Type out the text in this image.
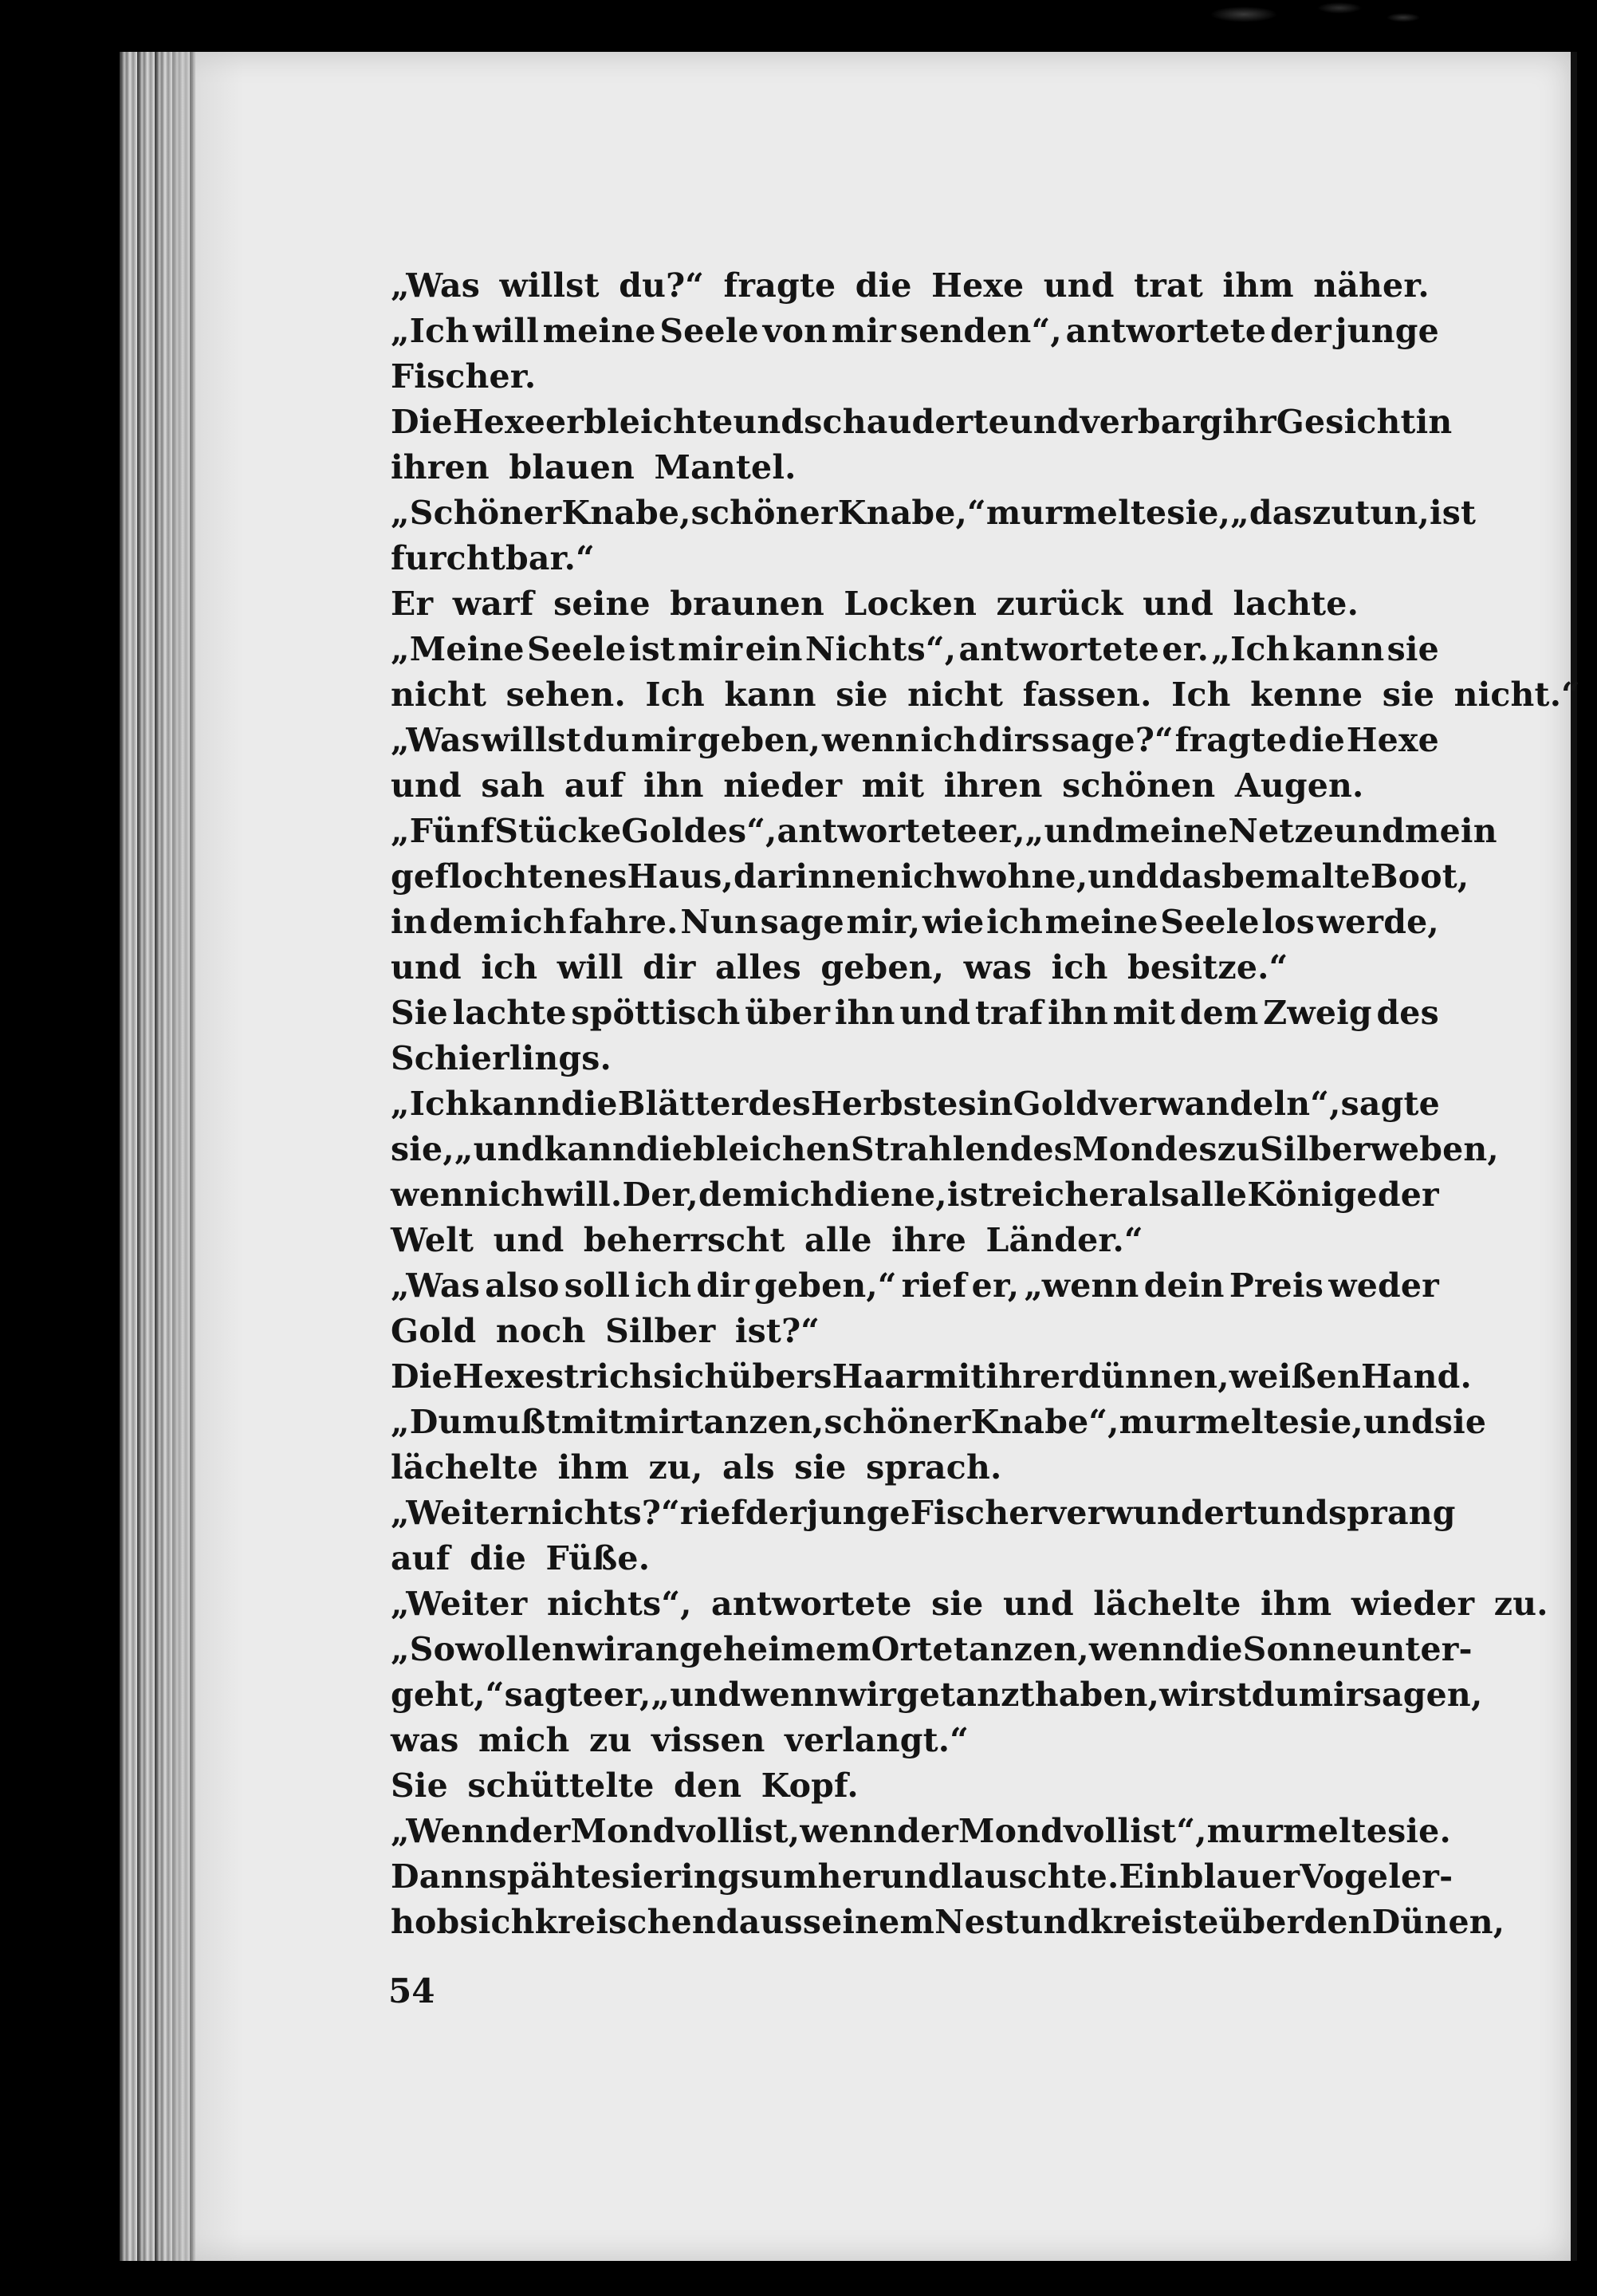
„Was willst du?“ fragte die Hexe und trat ihm näher.
„Ich will meine Seele von mir senden“, antwortete der junge
Fischer.
Die Hexe erbleichte und schauderte und verbarg ihr Gesicht in
ihren blauen Mantel.
„Schöner Knabe, schöner Knabe,“ murmelte sie, „das zu tun, ist
furchtbar.“
Er warf seine braunen Locken zurück und lachte.
„Meine Seele ist mir ein Nichts“, antwortete er. „Ich kann sie
nicht sehen. Ich kann sie nicht fassen. Ich kenne sie nicht.“
„Was willst du mir geben, wenn ich dirs sage?“ fragte die Hexe
und sah auf ihn nieder mit ihren schönen Augen.
„Fünf Stücke Goldes“, antwortete er, „und meine Netze und mein
geflochtenes Haus, darinnen ich wohne, und das bemalte Boot,
in dem ich fahre. Nun sage mir, wie ich meine Seele los werde,
und ich will dir alles geben, was ich besitze.“
Sie lachte spöttisch über ihn und traf ihn mit dem Zweig des
Schierlings.
„Ich kann die Blätter des Herbstes in Gold verwandeln“, sagte
sie, „und kann die bleichen Strahlen des Mondes zu Silber weben,
wenn ich will. Der, dem ich diene, ist reicher als alle Könige der
Welt und beherrscht alle ihre Länder.“
„Was also soll ich dir geben,“ rief er, „wenn dein Preis weder
Gold noch Silber ist?“
Die Hexe strich sich übers Haar mit ihrer dünnen, weißen Hand.
„Du mußt mit mir tanzen, schöner Knabe“, murmelte sie, und sie
lächelte ihm zu, als sie sprach.
„Weiter nichts?“ rief der junge Fischer verwundert und sprang
auf die Füße.
„Weiter nichts“, antwortete sie und lächelte ihm wieder zu.
„So wollen wir an geheimem Orte tanzen, wenn die Sonne unter-
geht,“ sagte er, „und wenn wir getanzt haben, wirst du mir sagen,
was mich zu vissen verlangt.“
Sie schüttelte den Kopf.
„Wenn der Mond voll ist, wenn der Mond voll ist“, murmelte sie.
Dann spähte sie ringsumher und lauschte. Ein blauer Vogel er-
hob sich kreischend aus seinem Nest und kreiste über den Dünen,
54
